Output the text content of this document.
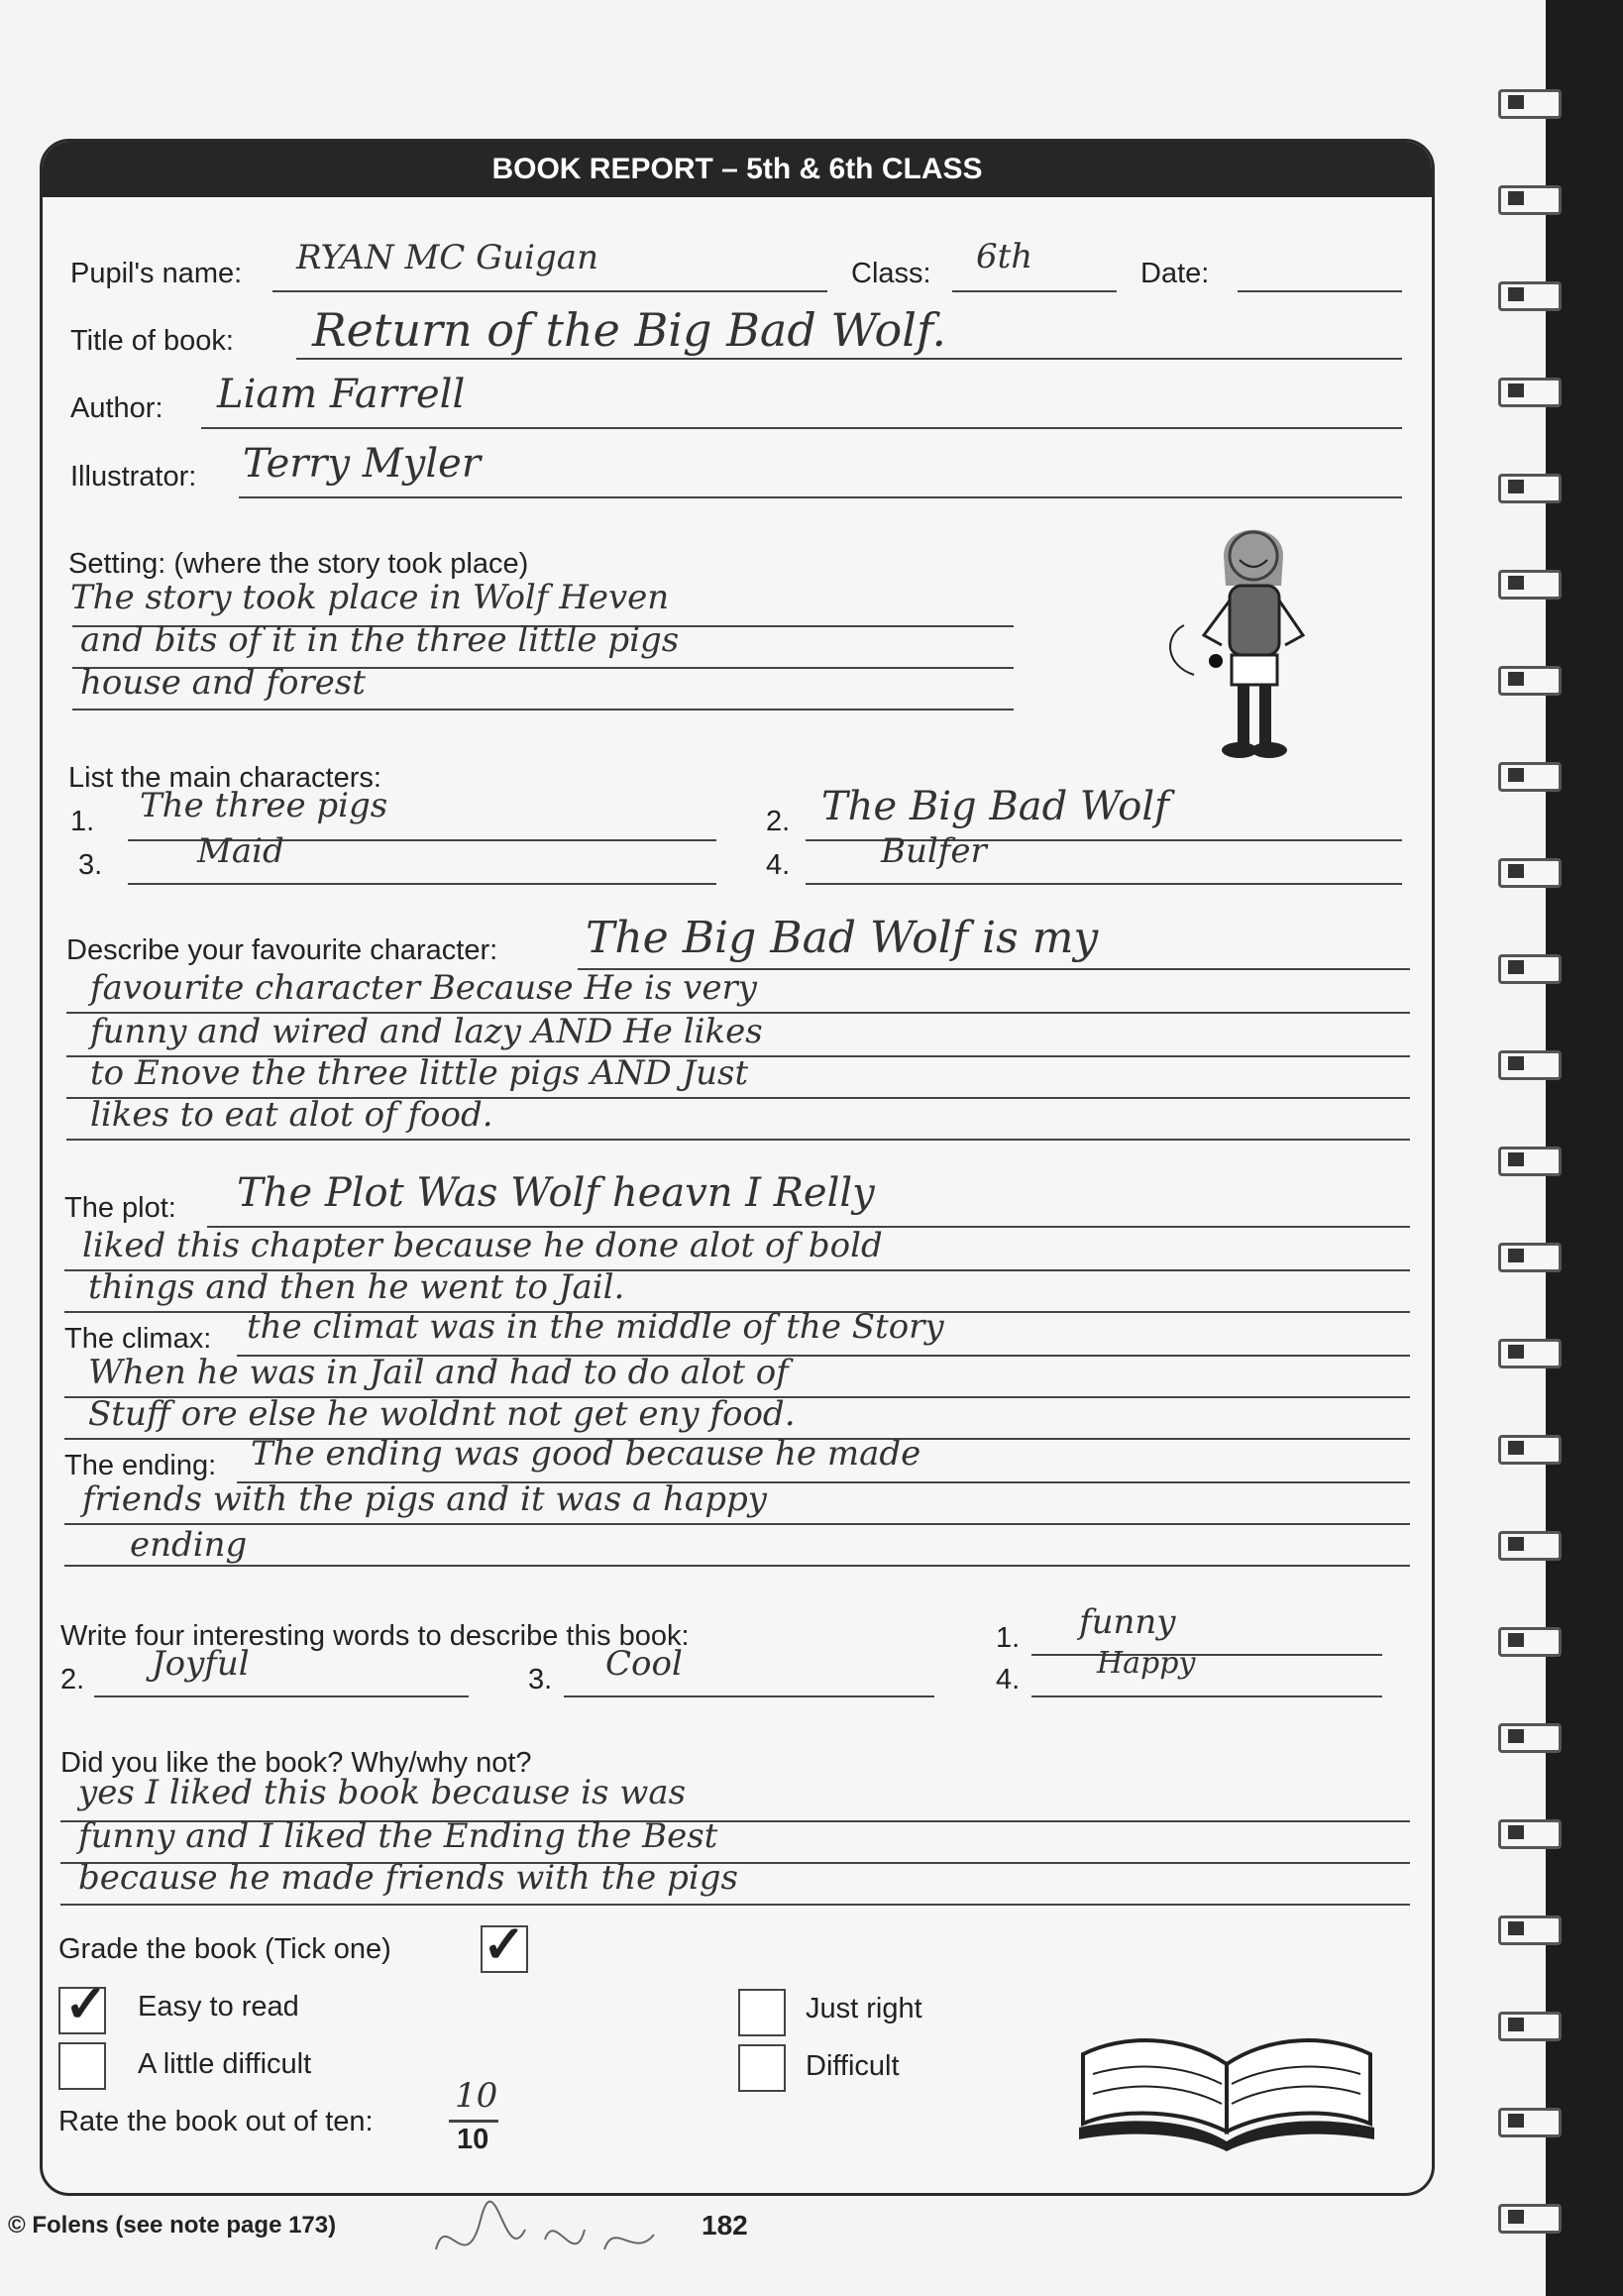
© Folens (see note page 173)	182
BOOK REPORT – 5th & 6th CLASS
Pupil's name: RYAN MC Guigan	Class: 6th	Date:
Title of book: Return of the Big Bad Wolf.
Author: Liam Farrell
Illustrator: Terry Myler
Setting: (where the story took place)
The story took place in Wolf Heven
and bits of it in the three little pigs
house and forest
List the main characters:
1. The three pigs	2. The Big Bad Wolf
3.	Maid	4.	Bulfer
Describe your favourite character: The Big Bad Wolf is my
favourite character Because He is very
funny and wired and lazy AND He likes
to Enove the three little pigs AND Just
likes to eat alot of food.
The plot: The Plot Was Wolf heavn I Relly
liked this chapter because he done alot of bold
things and then he went to Jail.
The climax: the climat was in the middle of the Story
When he was in Jail and had to do alot of
Stuff ore else he woldnt not get eny food.
The ending: The ending was good because he made
friends with the pigs and it was a happy
ending
Write four interesting words to describe this book:	1. funny
2. Joyful	3. Cool	4.	Happy
Did you like the book? Why/why not?
yes I liked this book because is was
funny and I liked the Ending the Best
because he made friends with the pigs
Grade the book (Tick one) ✓
✓ Easy to read	Just right
A little difficult	Difficult
Rate the book out of ten:
10
10
